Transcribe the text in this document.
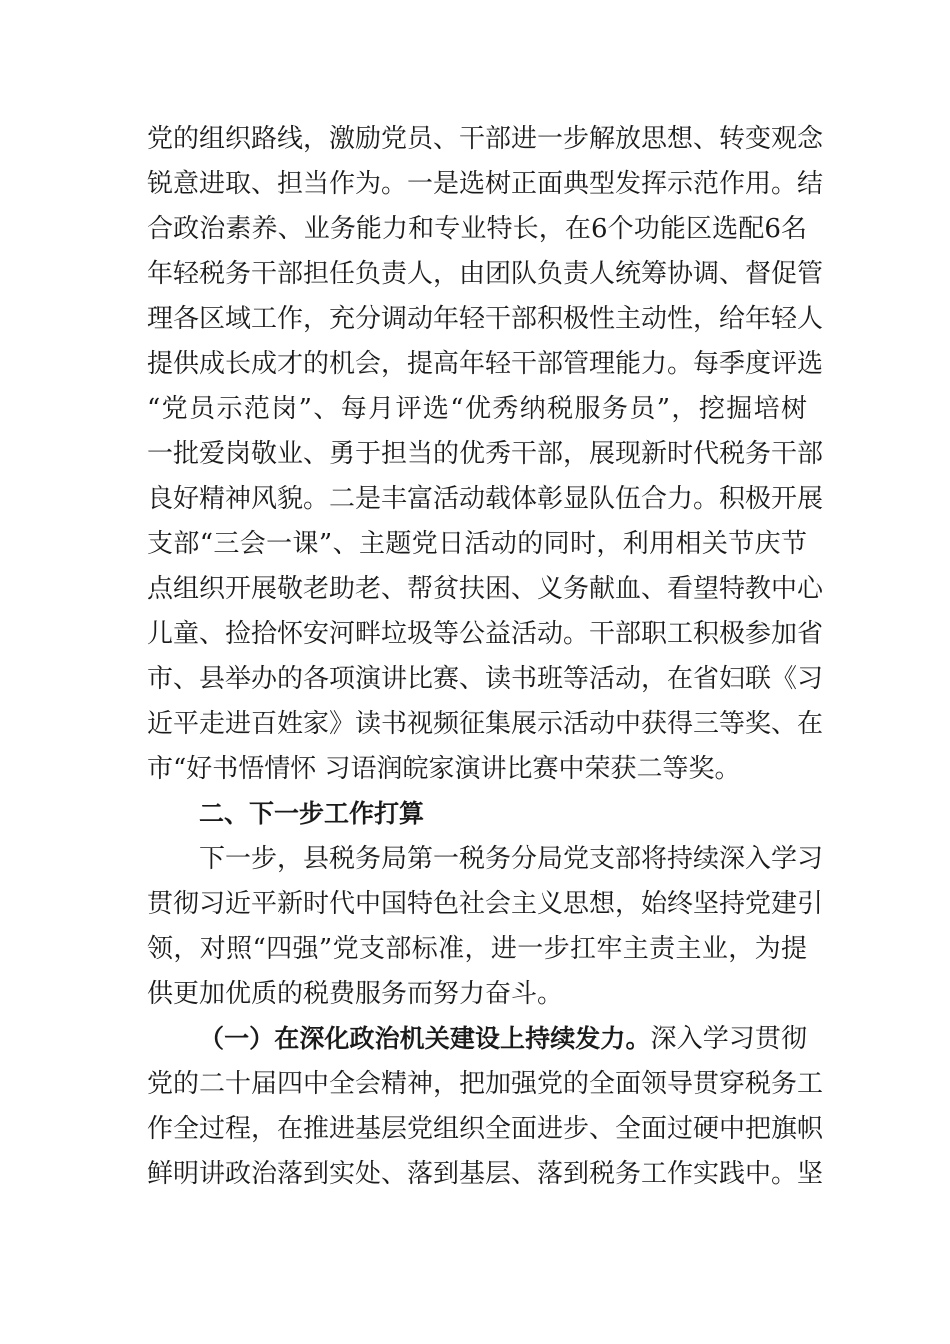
党的组织路线，激励党员、干部进一步解放思想、转变观念
锐意进取、担当作为。一是选树正面典型发挥示范作用。结
合政治素养、业务能力和专业特长，在6个功能区选配6名
年轻税务干部担任负责人，由团队负责人统筹协调、督促管
理各区域工作，充分调动年轻干部积极性主动性，给年轻人
提供成长成才的机会，提高年轻干部管理能力。每季度评选
“党员示范岗”、每月评选“优秀纳税服务员”，挖掘培树
一批爱岗敬业、勇于担当的优秀干部，展现新时代税务干部
良好精神风貌。二是丰富活动载体彰显队伍合力。积极开展
支部“三会一课”、主题党日活动的同时，利用相关节庆节
点组织开展敬老助老、帮贫扶困、义务献血、看望特教中心
儿童、捡拾怀安河畔垃圾等公益活动。干部职工积极参加省
市、县举办的各项演讲比赛、读书班等活动，在省妇联《习
近平走进百姓家》读书视频征集展示活动中获得三等奖、在
市“好书悟情怀 习语润皖家演讲比赛中荣获二等奖。
二、下一步工作打算
下一步，县税务局第一税务分局党支部将持续深入学习
贯彻习近平新时代中国特色社会主义思想，始终坚持党建引
领，对照“四强”党支部标准，进一步扛牢主责主业，为提
供更加优质的税费服务而努力奋斗。
（一）在深化政治机关建设上持续发力。深入学习贯彻
党的二十届四中全会精神，把加强党的全面领导贯穿税务工
作全过程，在推进基层党组织全面进步、全面过硬中把旗帜
鲜明讲政治落到实处、落到基层、落到税务工作实践中。坚
